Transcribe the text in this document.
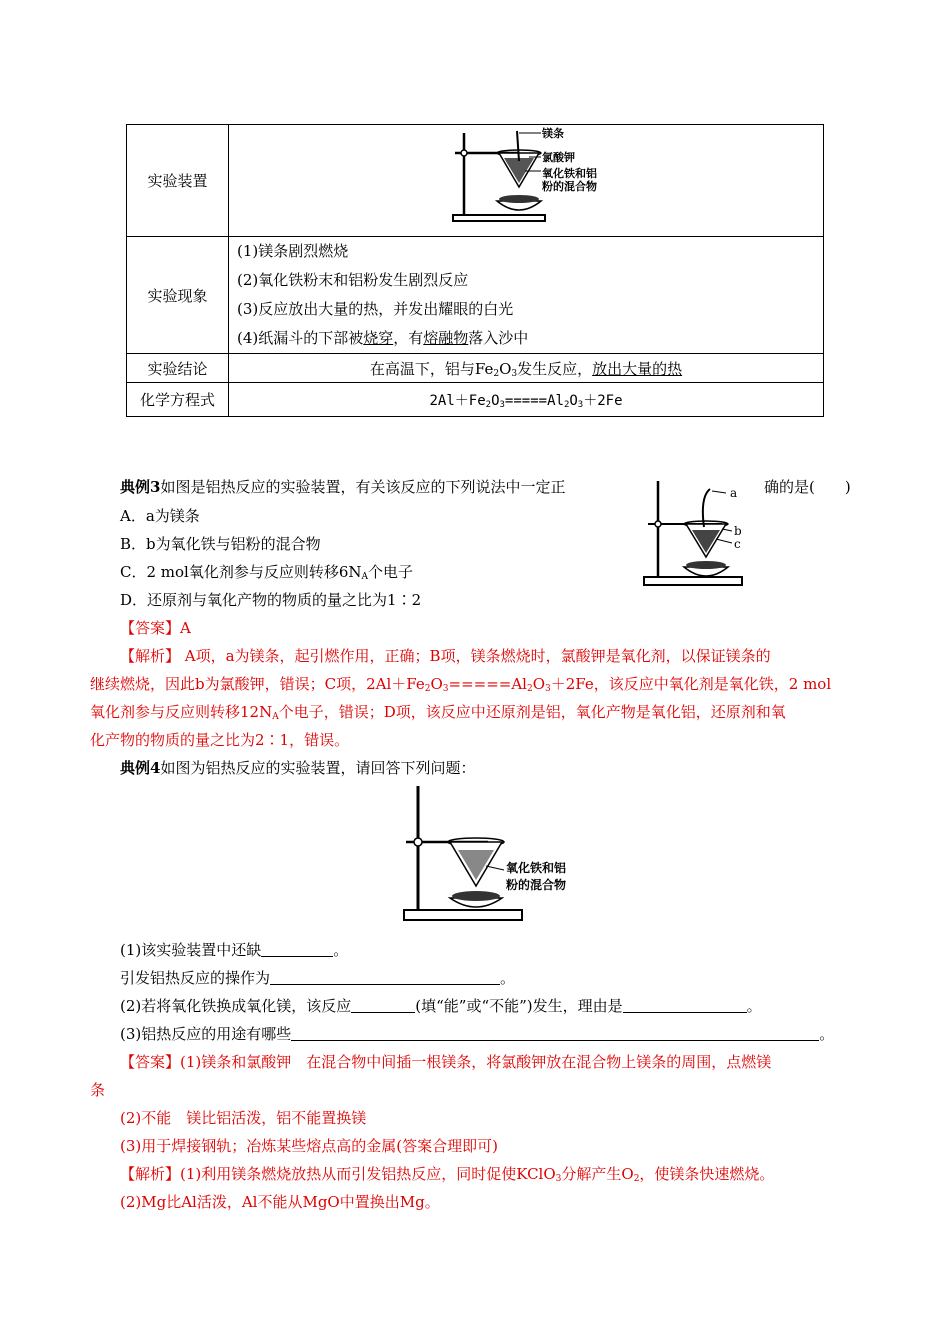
实验装置	镁条
氯酸钾
氧化铁和铝
粉的混合物

实验现象	(1)镁条剧烈燃烧
(2)氧化铁粉末和铝粉发生剧烈反应
(3)反应放出大量的热，并发出耀眼的白光
(4)纸漏斗的下部被烧穿，有熔融物落入沙中

实验结论	在高温下，铝与$Fe_2O_3$发生反应，放出大量的热
化学方程式	$2Al+Fe_2O_3=====Al_2O_3+2Fe$
典例3如图是铝热反应的实验装置，有关该反应的下列说法中一定正	确的是(　　)
a
b
c
A．a为镁条
B．b为氧化铁与铝粉的混合物
C．2 mol氧化剂参与反应则转移$6N_A$个电子
D．还原剂与氧化产物的物质的量之比为1∶2
【答案】A
【解析】 A项，a为镁条，起引燃作用，正确；B项，镁条燃烧时，氯酸钾是氧化剂，以保证镁条的
继续燃烧，因此b为氯酸钾，错误；C项，$2Al+Fe_2O_3=====Al_2O_3+2Fe$，该反应中氧化剂是氧化铁，2 mol
氧化剂参与反应则转移$12N_A$个电子，错误；D项，该反应中还原剂是铝，氧化产物是氧化铝，还原剂和氧
化产物的物质的量之比为2∶1，错误。
典例4如图为铝热反应的实验装置，请回答下列问题：
氧化铁和铝
粉的混合物
(1)该实验装置中还缺	。
引发铝热反应的操作为	。
(2)若将氧化铁换成氧化镁，该反应	(填“能”或“不能”)发生，理由是	。
(3)铝热反应的用途有哪些	。
【答案】(1)镁条和氯酸钾　在混合物中间插一根镁条，将氯酸钾放在混合物上镁条的周围，点燃镁
条
(2)不能　镁比铝活泼，铝不能置换镁
(3)用于焊接钢轨；冶炼某些熔点高的金属(答案合理即可)
【解析】(1)利用镁条燃烧放热从而引发铝热反应，同时促使KClO$_3$分解产生$O_2$，使镁条快速燃烧。
(2)Mg比Al活泼，Al不能从MgO中置换出Mg。
